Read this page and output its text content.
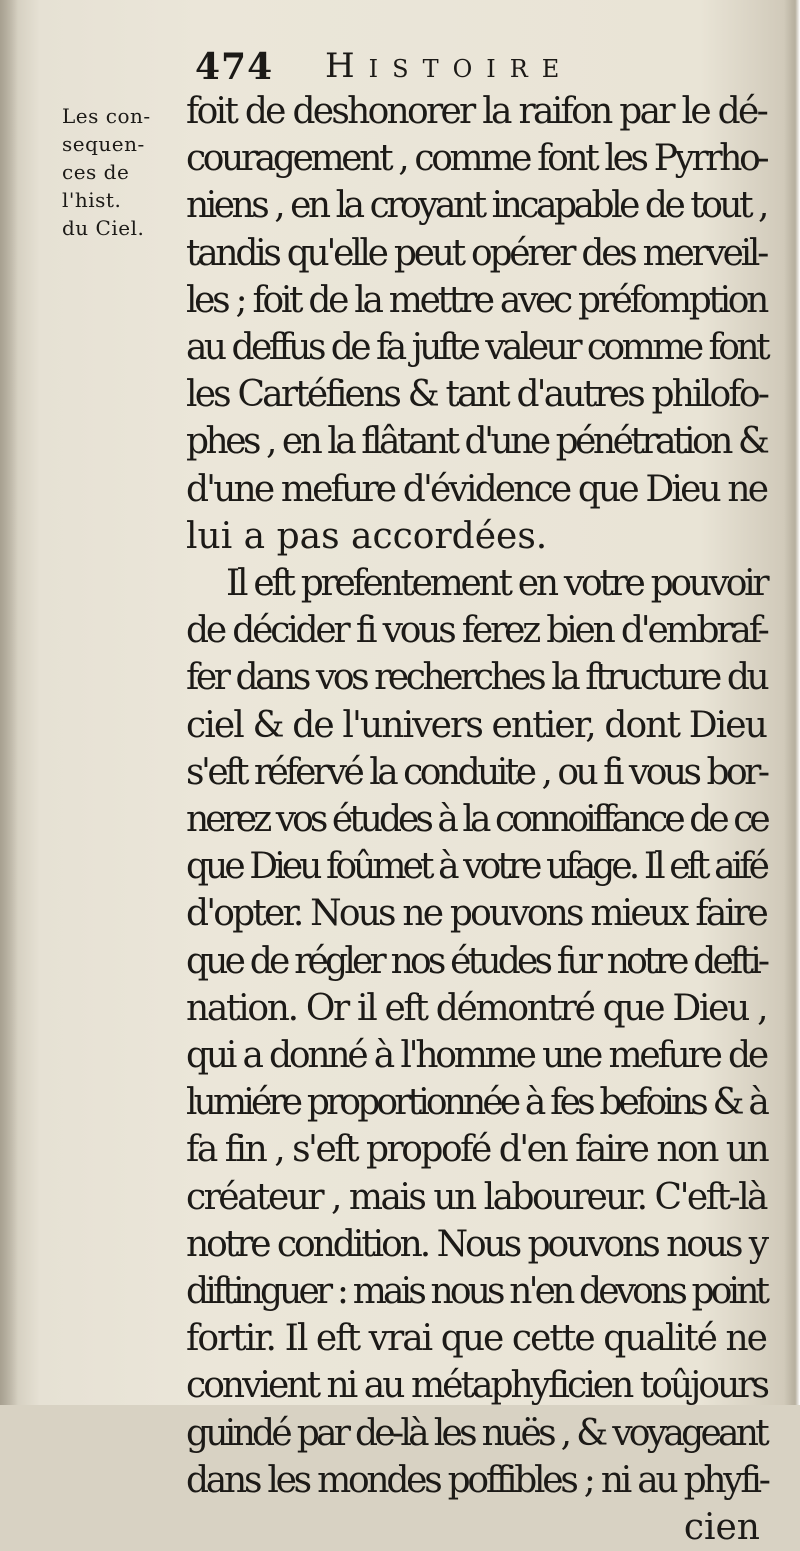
474 Histoire
Les con-
sequen-
ces de
l'hist.
du Ciel.
foit de deshonorer la raifon par le dé-
couragement , comme font les Pyrrho-
niens , en la croyant incapable de tout ,
tandis qu'elle peut opérer des merveil-
les ; foit de la mettre avec préfomption
au deffus de fa jufte valeur comme font
les Cartéfiens & tant d'autres philofo-
phes , en la flâtant d'une pénétration &
d'une mefure d'évidence que Dieu ne
lui a pas accordées.
Il eft prefentement en votre pouvoir
de décider fi vous ferez bien d'embraf-
fer dans vos recherches la ftructure du
ciel & de l'univers entier, dont Dieu
s'eft réfervé la conduite , ou fi vous bor-
nerez vos études à la connoiffance de ce
que Dieu foûmet à votre ufage. Il eft aifé
d'opter. Nous ne pouvons mieux faire
que de régler nos études fur notre defti-
nation. Or il eft démontré que Dieu ,
qui a donné à l'homme une mefure de
lumiére proportionnée à fes befoins & à
fa fin , s'eft propofé d'en faire non un
créateur , mais un laboureur. C'eft-là
notre condition. Nous pouvons nous y
diftinguer : mais nous n'en devons point
fortir. Il eft vrai que cette qualité ne
convient ni au métaphyficien toûjours
guindé par de-là les nuës , & voyageant
dans les mondes poffibles ; ni au phyfi-
cien
